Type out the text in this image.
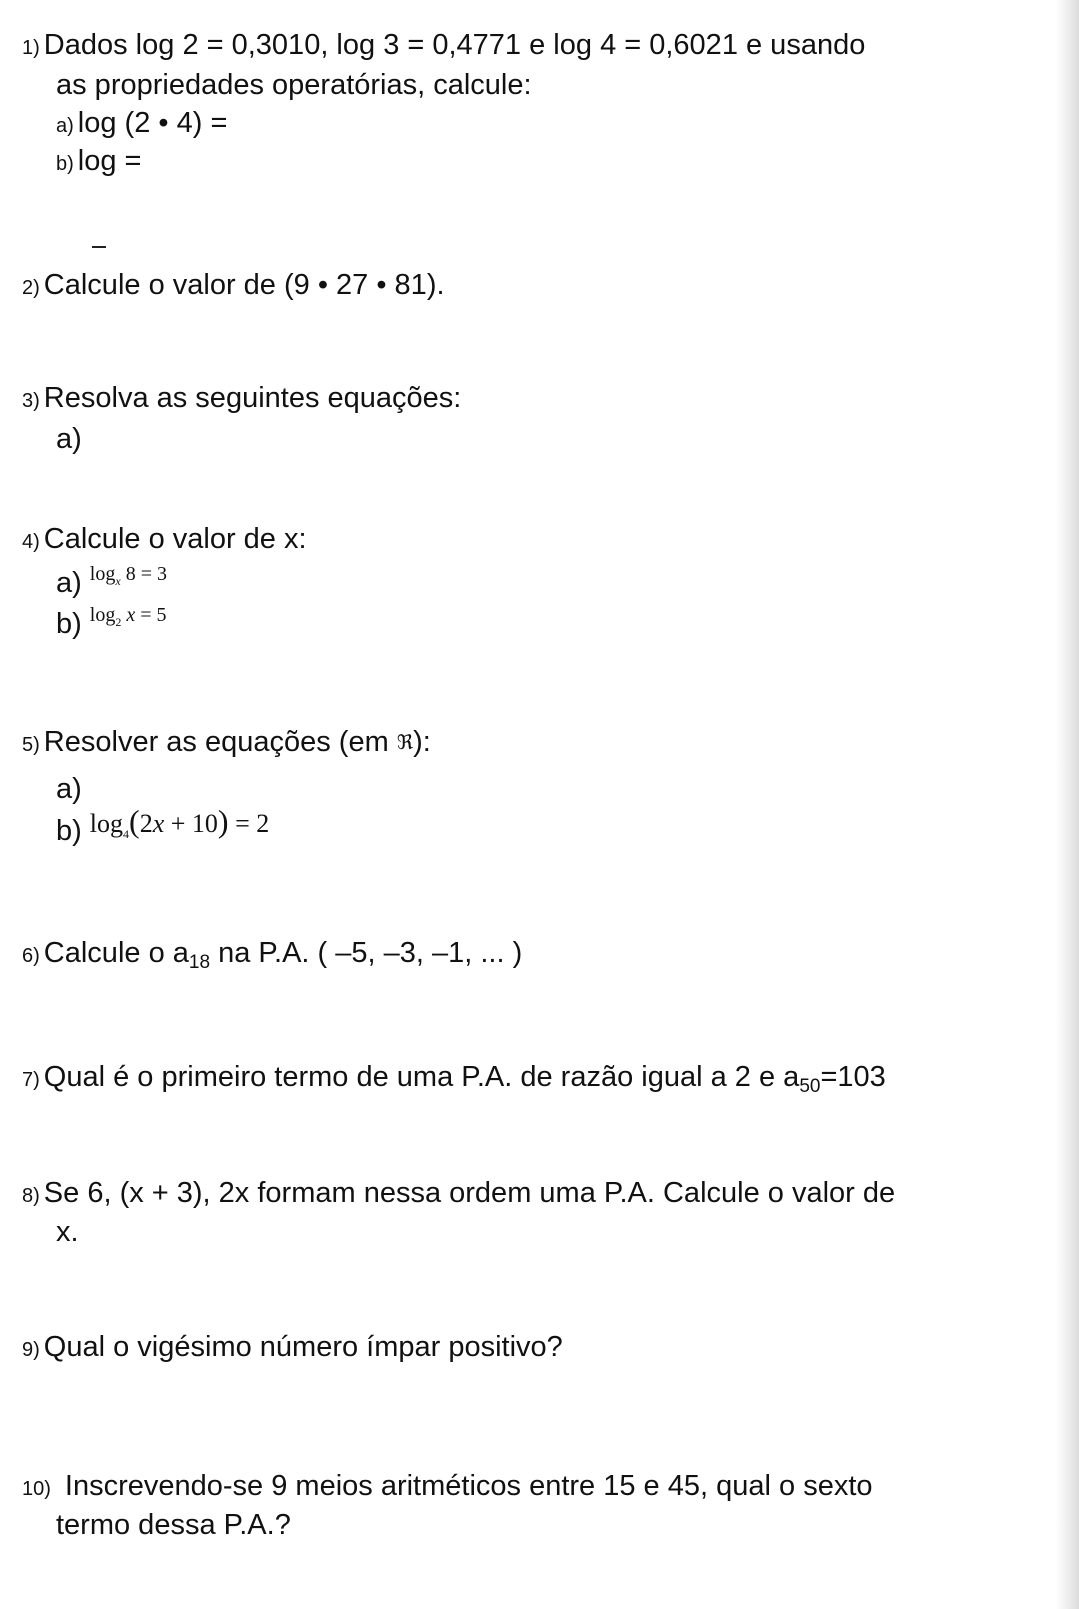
1) Dados log 2 = 0,3010, log 3 = 0,4771 e log 4 = 0,6021 e usando
as propriedades operatórias, calcule:
a) log (2 • 4) =
b) log =
2) Calcule o valor de (9 • 27 • 81).
3) Resolva as seguintes equações:
a)
4) Calcule o valor de x:
a) $^{log_x 8 = 3}$
b) $^{log_2 x = 5}$
5) Resolver as equações (em ℜ):
a)
b) $\log_4(2x + 10) = 2$
6) Calcule o $a_{18}$ na P.A. ( –5, –3, –1, ... )
7) Qual é o primeiro termo de uma P.A. de razão igual a 2 e $a_{50}=103$
8) Se 6, (x + 3), 2x formam nessa ordem uma P.A. Calcule o valor de
x.
9) Qual o vigésimo número ímpar positivo?
10) Inscrevendo-se 9 meios aritméticos entre 15 e 45, qual o sexto
termo dessa P.A.?
